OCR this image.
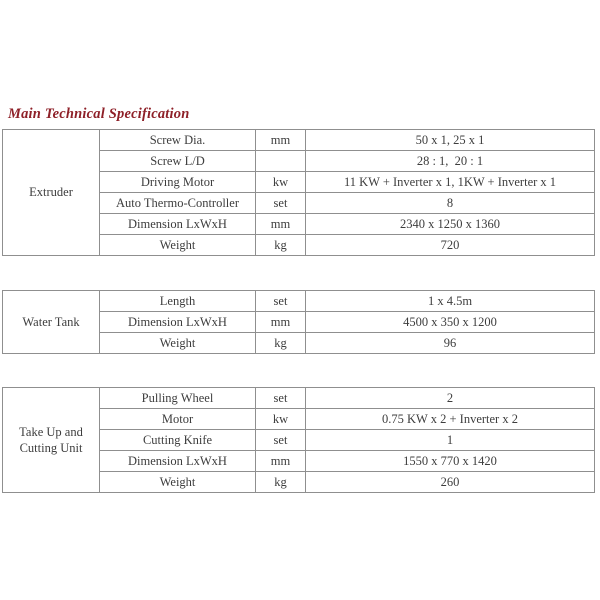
Main Technical Specification
Extruder	Screw Dia.	mm	50 x 1, 25 x 1
	Screw L/D		28 : 1,  20 : 1
	Driving Motor	kw	11 KW + Inverter x 1, 1KW + Inverter x 1
	Auto Thermo-Controller	set	8
	Dimension LxWxH	mm	2340 x 1250 x 1360
	Weight	kg	720
Water Tank	Length	set	1 x 4.5m
	Dimension LxWxH	mm	4500 x 350 x 1200
	Weight	kg	96
Take Up and Cutting Unit	Pulling Wheel	set	2
	Motor	kw	0.75 KW x 2 + Inverter x 2
	Cutting Knife	set	1
	Dimension LxWxH	mm	1550 x 770 x 1420
	Weight	kg	260
